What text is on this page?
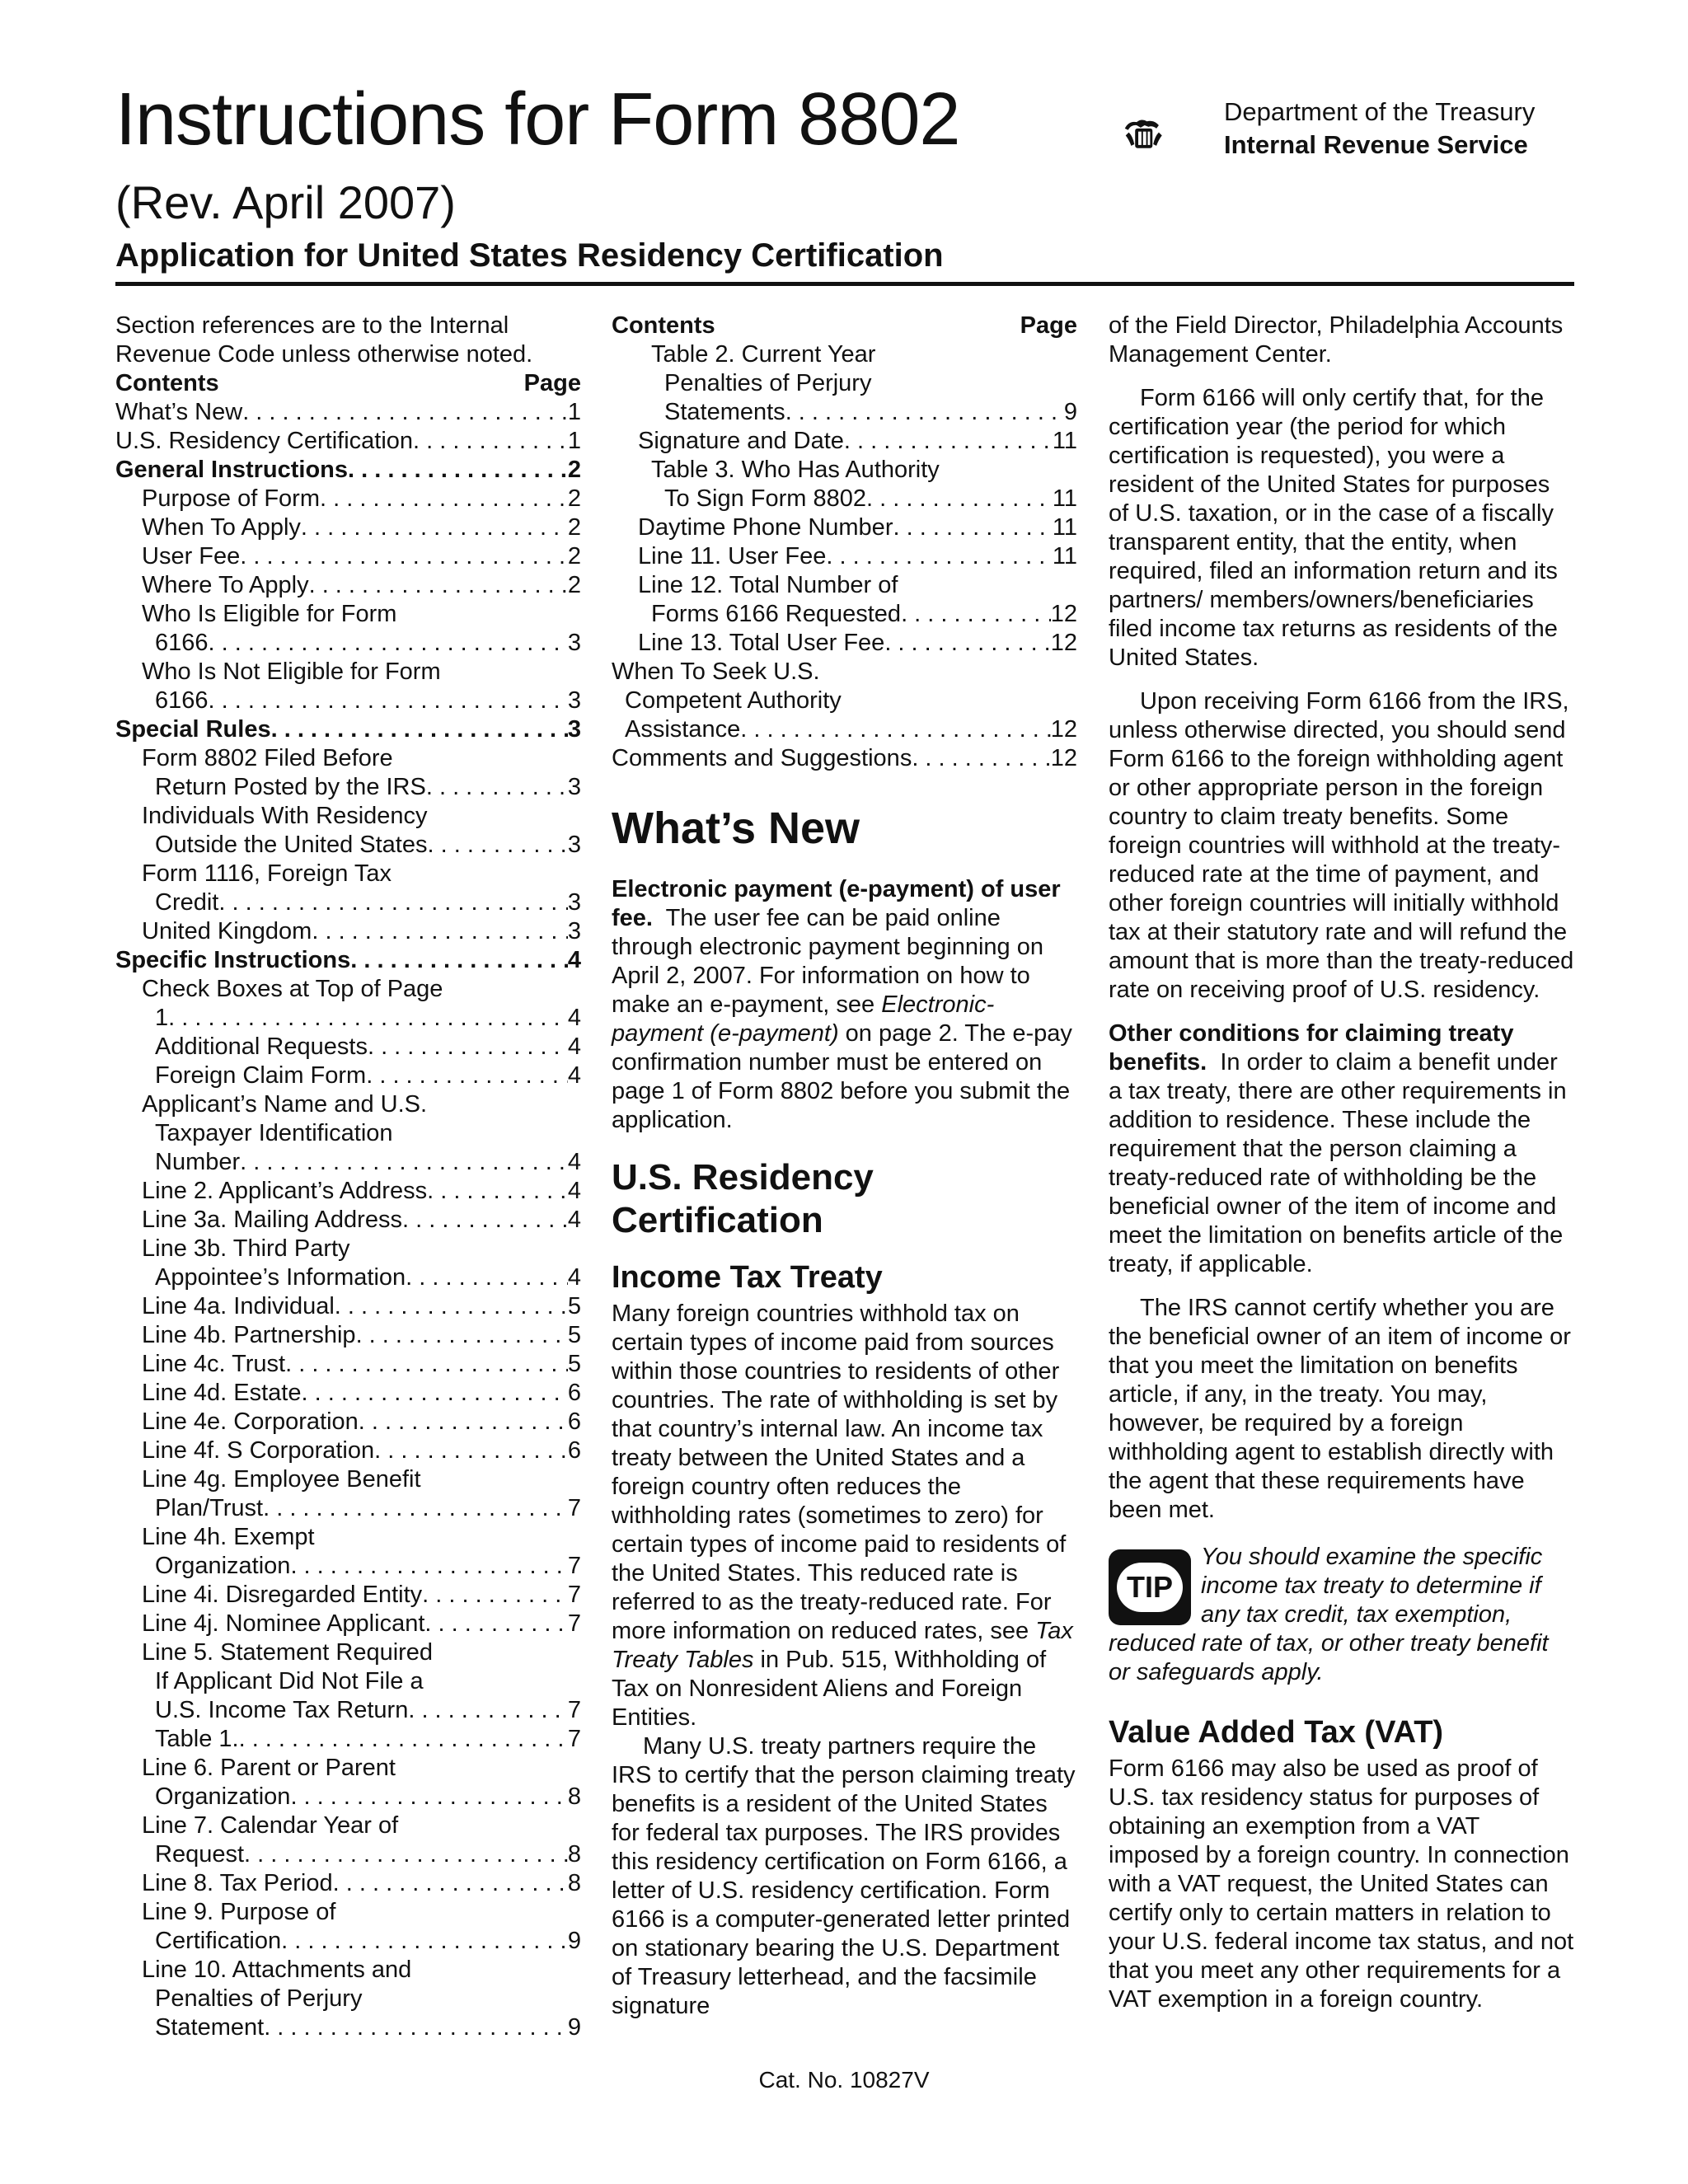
Instructions for Form 8802
(Rev. April 2007)
Application for United States Residency Certification
Department of the Treasury
Internal Revenue Service

Section references are to the Internal Revenue Code unless otherwise noted.

Contents	Page
What’s New . . .	1
U.S. Residency Certification . . .	1
General Instructions . . .	2
Purpose of Form . . .	2
When To Apply . . .	2
User Fee . . .	2
Where To Apply . . .	2
Who Is Eligible for Form
6166 . . .	3
Who Is Not Eligible for Form
6166 . . .	3
Special Rules . . .	3
Form 8802 Filed Before
Return Posted by the IRS . . .	3
Individuals With Residency
Outside the United States . . .	3
Form 1116, Foreign Tax
Credit . . .	3
United Kingdom . . .	3
Specific Instructions . . .	4
Check Boxes at Top of Page
1 . . .	4
Additional Requests . . .	4
Foreign Claim Form . . .	4
Applicant’s Name and U.S.
Taxpayer Identification
Number . . .	4
Line 2. Applicant’s Address . . .	4
Line 3a. Mailing Address . . .	4
Line 3b. Third Party
Appointee’s Information . . .	4
Line 4a. Individual . . .	5
Line 4b. Partnership . . .	5
Line 4c. Trust . . .	5
Line 4d. Estate . . .	6
Line 4e. Corporation . . .	6
Line 4f. S Corporation . . .	6
Line 4g. Employee Benefit
Plan/Trust . . .	7
Line 4h. Exempt
Organization . . .	7
Line 4i. Disregarded Entity . . .	7
Line 4j. Nominee Applicant . . .	7
Line 5. Statement Required
If Applicant Did Not File a
U.S. Income Tax Return . . .	7
Table 1. . . .	7
Line 6. Parent or Parent
Organization . . .	8
Line 7. Calendar Year of
Request . . .	8
Line 8. Tax Period . . .	8
Line 9. Purpose of
Certification . . .	9
Line 10. Attachments and
Penalties of Perjury
Statement . . .	9
Contents	Page
Table 2. Current Year
Penalties of Perjury
Statements . . .	9
Signature and Date . . .	11
Table 3. Who Has Authority
To Sign Form 8802 . . .	11
Daytime Phone Number . . .	11
Line 11. User Fee . . .	11
Line 12. Total Number of
Forms 6166 Requested . . .	12
Line 13. Total User Fee . . .	12
When To Seek U.S.
Competent Authority
Assistance . . .	12
Comments and Suggestions . . .	12
What’s New

Electronic payment (e-payment) of user fee. The user fee can be paid online through electronic payment beginning on April 2, 2007. For information on how to make an e-payment, see Electronic-payment (e-payment) on page 2. The e-pay confirmation number must be entered on page 1 of Form 8802 before you submit the application.

U.S. Residency Certification
Income Tax Treaty

Many foreign countries withhold tax on certain types of income paid from sources within those countries to residents of other countries. The rate of withholding is set by that country’s internal law. An income tax treaty between the United States and a foreign country often reduces the withholding rates (sometimes to zero) for certain types of income paid to residents of the United States. This reduced rate is referred to as the treaty-reduced rate. For more information on reduced rates, see Tax Treaty Tables in Pub. 515, Withholding of Tax on Nonresident Aliens and Foreign Entities.

Many U.S. treaty partners require the IRS to certify that the person claiming treaty benefits is a resident of the United States for federal tax purposes. The IRS provides this residency certification on Form 6166, a letter of U.S. residency certification. Form 6166 is a computer-generated letter printed on stationary bearing the U.S. Department of Treasury letterhead, and the facsimile signature

of the Field Director, Philadelphia Accounts Management Center.

Form 6166 will only certify that, for the certification year (the period for which certification is requested), you were a resident of the United States for purposes of U.S. taxation, or in the case of a fiscally transparent entity, that the entity, when required, filed an information return and its partners/ members/owners/beneficiaries filed income tax returns as residents of the United States.

Upon receiving Form 6166 from the IRS, unless otherwise directed, you should send Form 6166 to the foreign withholding agent or other appropriate person in the foreign country to claim treaty benefits. Some foreign countries will withhold at the treaty-reduced rate at the time of payment, and other foreign countries will initially withhold tax at their statutory rate and will refund the amount that is more than the treaty-reduced rate on receiving proof of U.S. residency.

Other conditions for claiming treaty benefits. In order to claim a benefit under a tax treaty, there are other requirements in addition to residence. These include the requirement that the person claiming a treaty-reduced rate of withholding be the beneficial owner of the item of income and meet the limitation on benefits article of the treaty, if applicable.

The IRS cannot certify whether you are the beneficial owner of an item of income or that you meet the limitation on benefits article, if any, in the treaty. You may, however, be required by a foreign withholding agent to establish directly with the agent that these requirements have been met.

TIP
You should examine the specific
income tax treaty to determine if
any tax credit, tax exemption,
reduced rate of tax, or other treaty benefit or safeguards apply.
Value Added Tax (VAT)

Form 6166 may also be used as proof of U.S. tax residency status for purposes of obtaining an exemption from a VAT imposed by a foreign country. In connection with a VAT request, the United States can certify only to certain matters in relation to your U.S. federal income tax status, and not that you meet any other requirements for a VAT exemption in a foreign country.

Cat. No. 10827V
